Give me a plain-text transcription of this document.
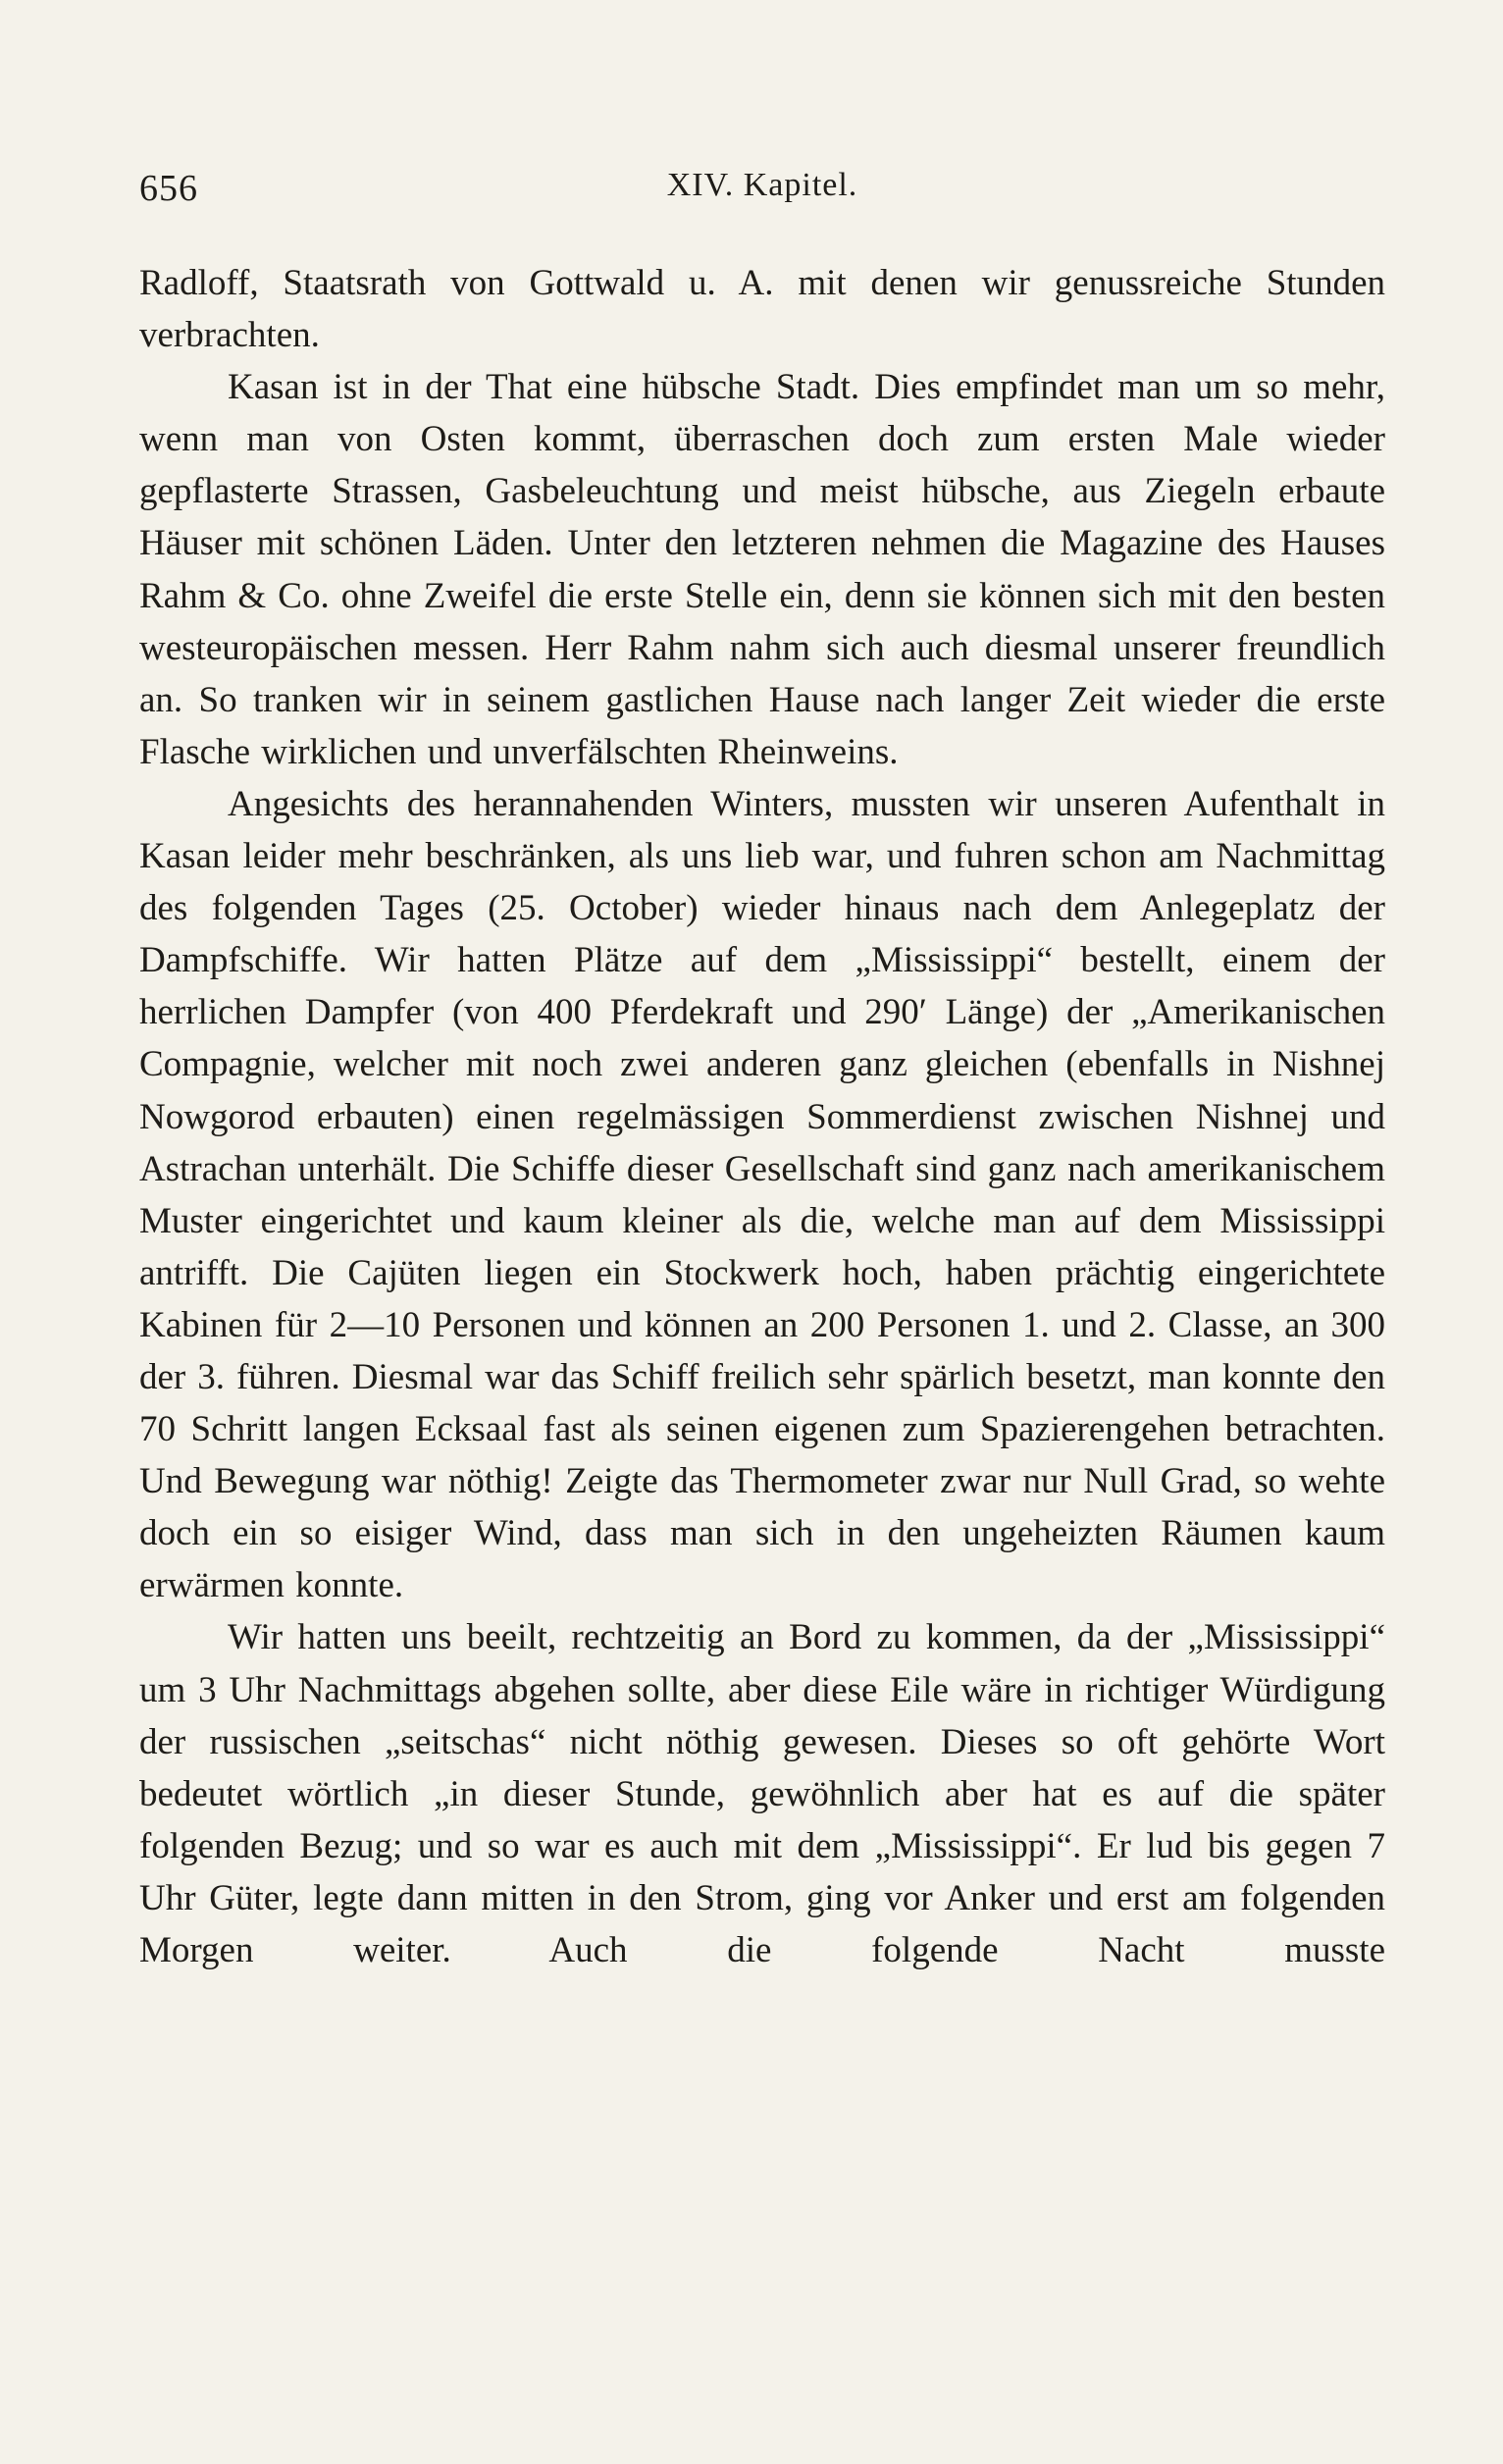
656	XIV. Kapitel.

Radloff, Staatsrath von Gottwald u. A. mit denen wir genussreiche Stunden verbrachten.

Kasan ist in der That eine hübsche Stadt. Dies empfindet man um so mehr, wenn man von Osten kommt, überraschen doch zum ersten Male wieder gepflasterte Strassen, Gasbeleuchtung und meist hübsche, aus Ziegeln erbaute Häuser mit schönen Läden. Unter den letzteren nehmen die Magazine des Hauses Rahm & Co. ohne Zweifel die erste Stelle ein, denn sie können sich mit den besten westeuropäischen messen. Herr Rahm nahm sich auch diesmal unserer freundlich an. So tranken wir in seinem gastlichen Hause nach langer Zeit wieder die erste Flasche wirklichen und unverfälschten Rheinweins.

Angesichts des herannahenden Winters, mussten wir unseren Aufenthalt in Kasan leider mehr beschränken, als uns lieb war, und fuhren schon am Nachmittag des folgenden Tages (25. October) wieder hinaus nach dem Anlegeplatz der Dampfschiffe. Wir hatten Plätze auf dem „Mississippi“ bestellt, einem der herrlichen Dampfer (von 400 Pferdekraft und 290′ Länge) der „Amerikanischen Compagnie, welcher mit noch zwei anderen ganz gleichen (ebenfalls in Nishnej Nowgorod erbauten) einen regelmässigen Sommerdienst zwischen Nishnej und Astrachan unterhält. Die Schiffe dieser Gesellschaft sind ganz nach amerikanischem Muster eingerichtet und kaum kleiner als die, welche man auf dem Mississippi antrifft. Die Cajüten liegen ein Stockwerk hoch, haben prächtig eingerichtete Kabinen für 2—10 Personen und können an 200 Personen 1. und 2. Classe, an 300 der 3. führen. Diesmal war das Schiff freilich sehr spärlich besetzt, man konnte den 70 Schritt langen Ecksaal fast als seinen eigenen zum Spazierengehen betrachten. Und Bewegung war nöthig! Zeigte das Thermometer zwar nur Null Grad, so wehte doch ein so eisiger Wind, dass man sich in den ungeheizten Räumen kaum erwärmen konnte.

Wir hatten uns beeilt, rechtzeitig an Bord zu kommen, da der „Mississippi“ um 3 Uhr Nachmittags abgehen sollte, aber diese Eile wäre in richtiger Würdigung der russischen „seitschas“ nicht nöthig gewesen. Dieses so oft gehörte Wort bedeutet wörtlich „in dieser Stunde, gewöhnlich aber hat es auf die später folgenden Bezug; und so war es auch mit dem „Mississippi“. Er lud bis gegen 7 Uhr Güter, legte dann mitten in den Strom, ging vor Anker und erst am folgenden Morgen weiter. Auch die folgende Nacht musste
